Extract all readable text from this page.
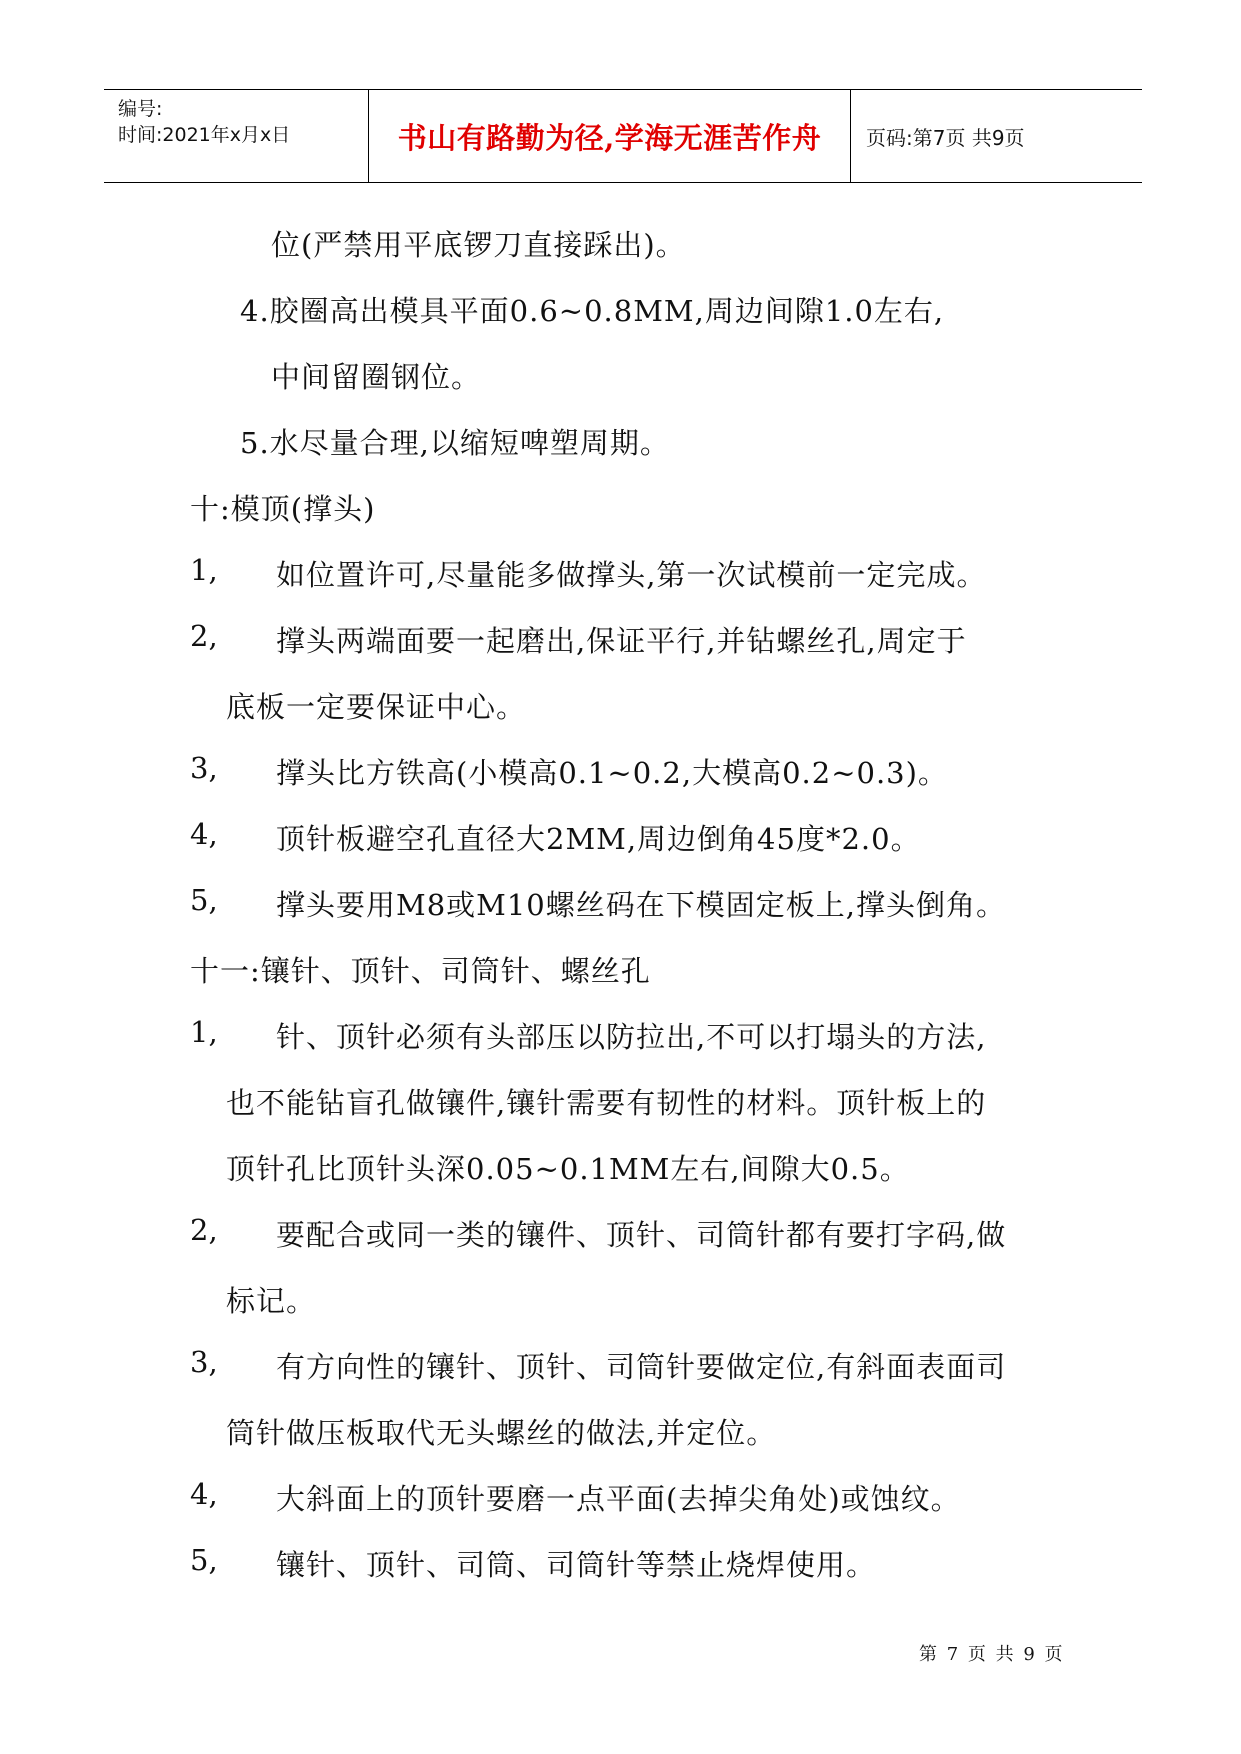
编号:
时间:2021年x月x日	书山有路勤为径,学海无涯苦作舟 页码:第7页 共9页
位(严禁用平底锣刀直接踩出)。
4.胶圈高出模具平面0.6~0.8MM,周边间隙1.0左右,
中间留圈钢位。
5.水尽量合理,以缩短啤塑周期。
十:模顶(撑头)
1, 如位置许可,尽量能多做撑头,第一次试模前一定完成。
2, 撑头两端面要一起磨出,保证平行,并钻螺丝孔,周定于
底板一定要保证中心。
3, 撑头比方铁高(小模高0.1~0.2,大模高0.2~0.3)。
4, 顶针板避空孔直径大2MM,周边倒角45度*2.0。
5, 撑头要用M8或M10螺丝码在下模固定板上,撑头倒角。
十一:镶针、顶针、司筒针、螺丝孔
1, 针、顶针必须有头部压以防拉出,不可以打塌头的方法,
也不能钻盲孔做镶件,镶针需要有韧性的材料。顶针板上的
顶针孔比顶针头深0.05~0.1MM左右,间隙大0.5。
2, 要配合或同一类的镶件、顶针、司筒针都有要打字码,做
标记。
3, 有方向性的镶针、顶针、司筒针要做定位,有斜面表面司
筒针做压板取代无头螺丝的做法,并定位。
4, 大斜面上的顶针要磨一点平面(去掉尖角处)或蚀纹。
5, 镶针、顶针、司筒、司筒针等禁止烧焊使用。
第 7 页 共 9 页
